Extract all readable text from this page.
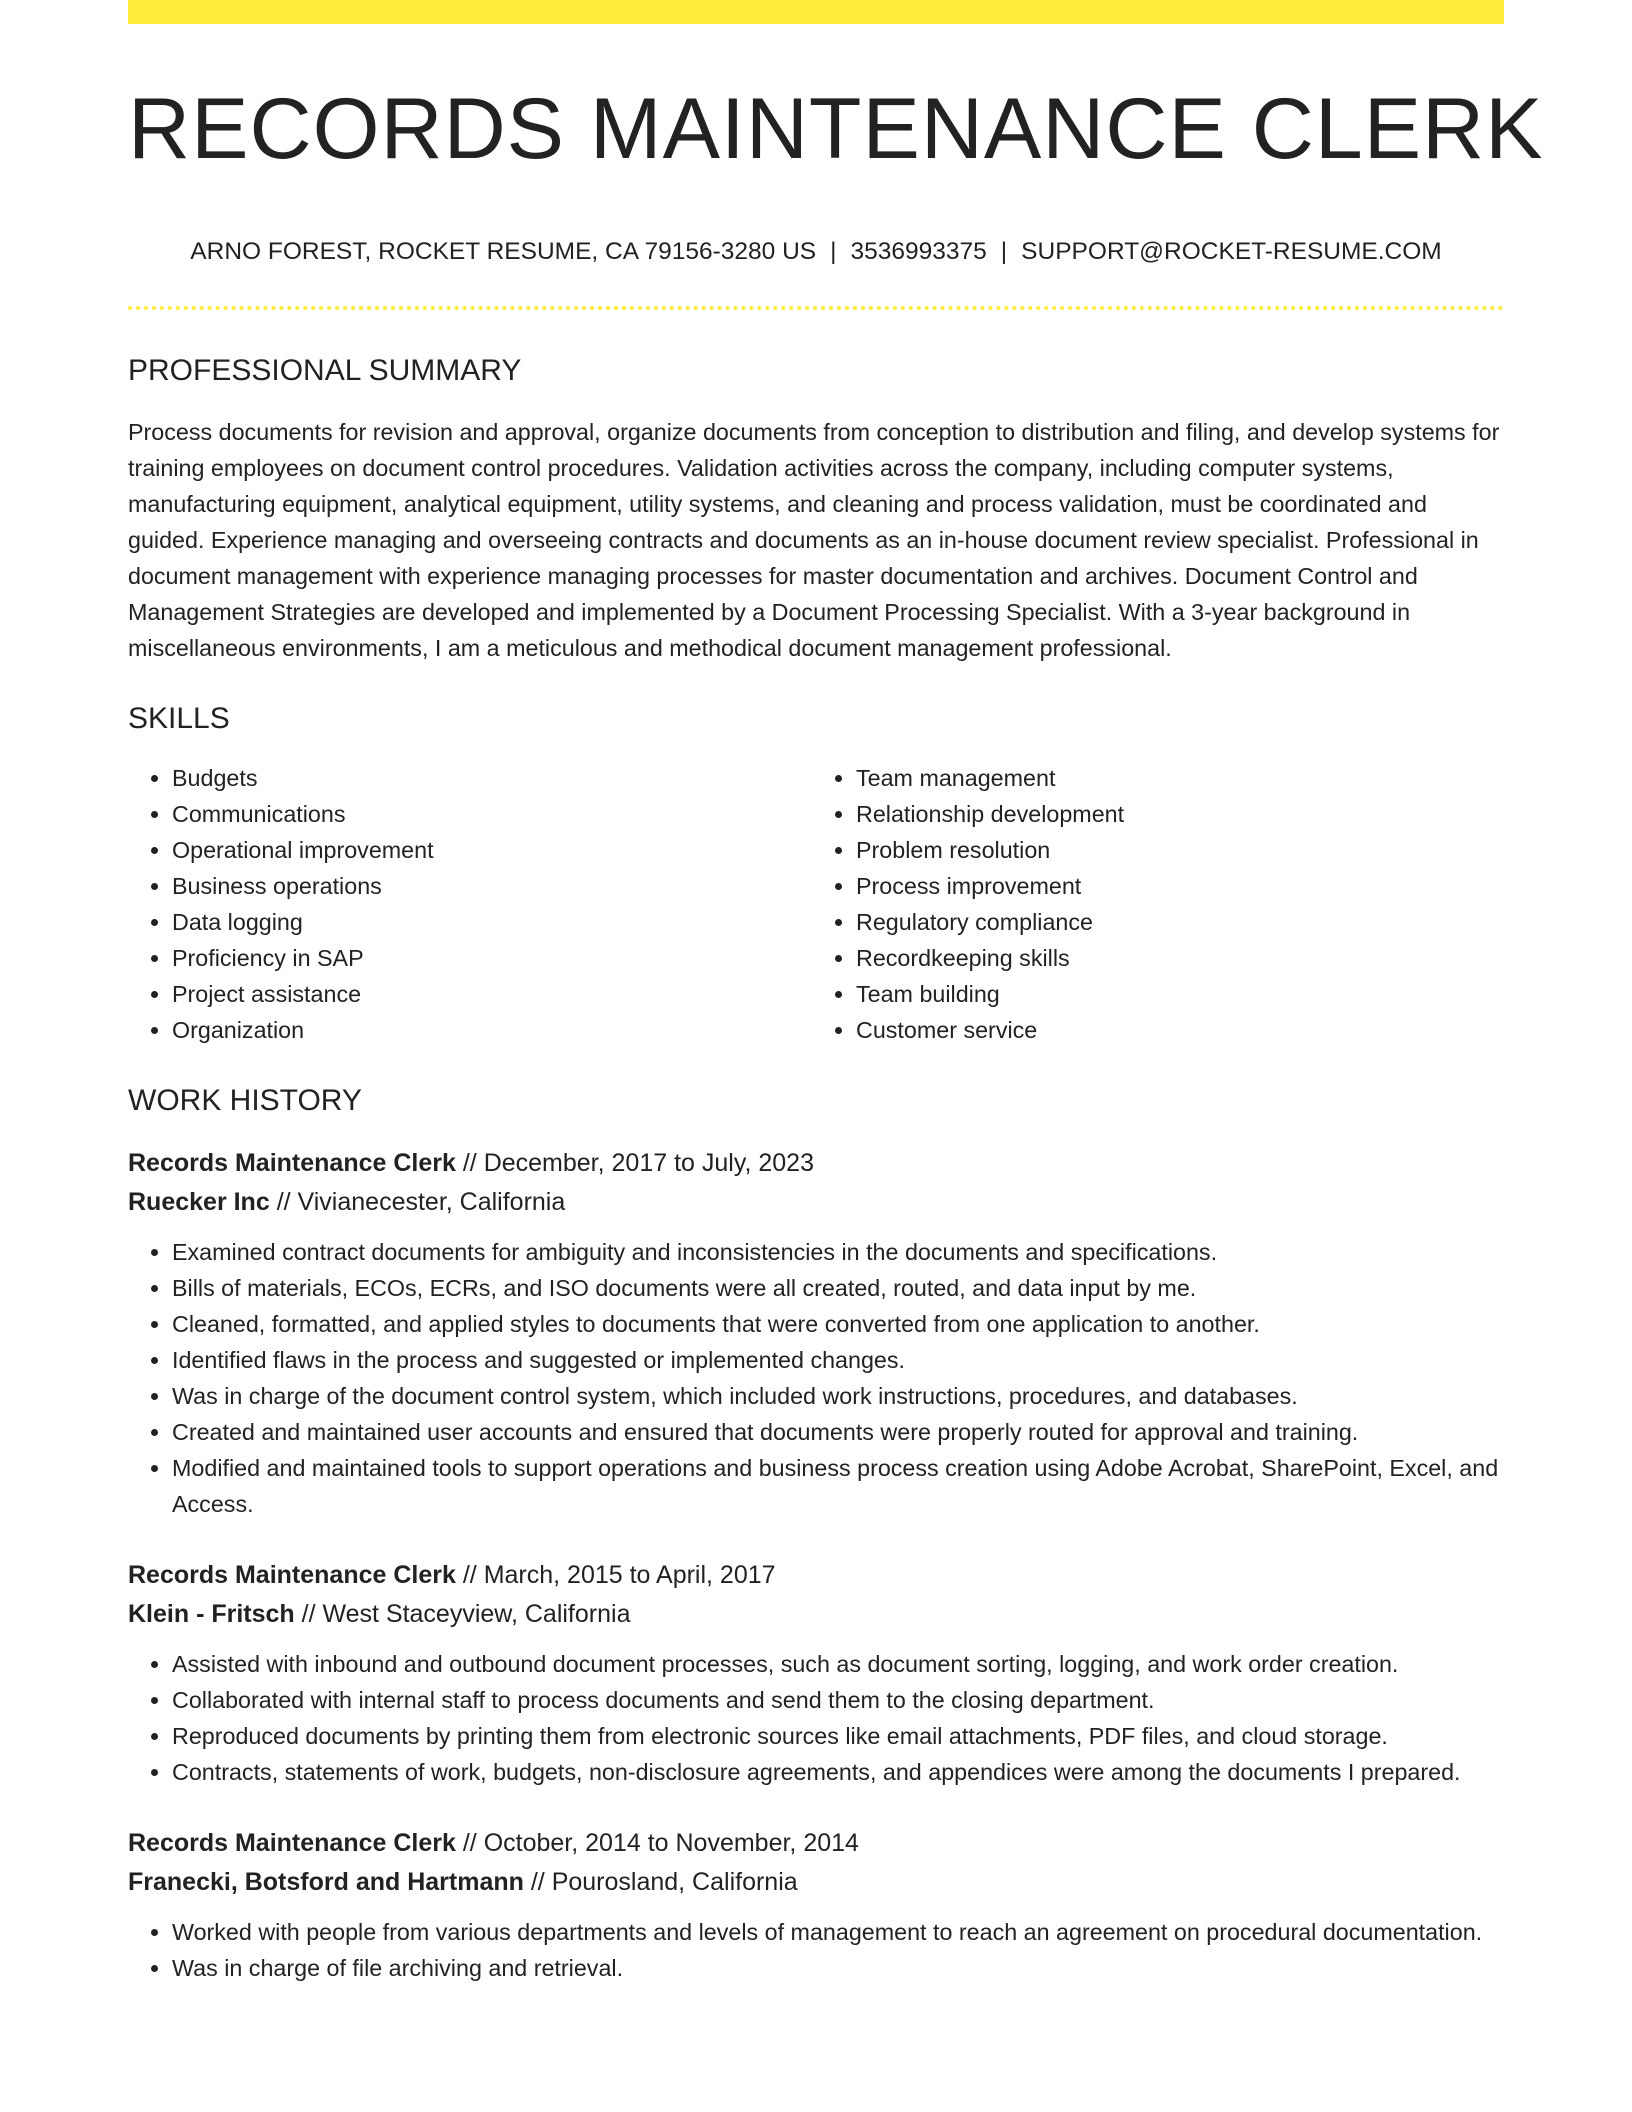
RECORDS MAINTENANCE CLERK
ARNO FOREST, ROCKET RESUME, CA 79156-3280 US | 3536993375 | SUPPORT@ROCKET-RESUME.COM
PROFESSIONAL SUMMARY

Process documents for revision and approval, organize documents from conception to distribution and filing, and develop systems for training employees on document control procedures. Validation activities across the company, including computer systems, manufacturing equipment, analytical equipment, utility systems, and cleaning and process validation, must be coordinated and guided. Experience managing and overseeing contracts and documents as an in-house document review specialist. Professional in document management with experience managing processes for master documentation and archives. Document Control and Management Strategies are developed and implemented by a Document Processing Specialist. With a 3-year background in miscellaneous environments, I am a meticulous and methodical document management professional.

SKILLS
• Budgets
• Communications
• Operational improvement
• Business operations
• Data logging
• Proficiency in SAP
• Project assistance
• Organization
• Team management
• Relationship development
• Problem resolution
• Process improvement
• Regulatory compliance
• Recordkeeping skills
• Team building
• Customer service
WORK HISTORY
Records Maintenance Clerk // December, 2017 to July, 2023
Ruecker Inc // Vivianecester, California
• Examined contract documents for ambiguity and inconsistencies in the documents and specifications.
• Bills of materials, ECOs, ECRs, and ISO documents were all created, routed, and data input by me.
• Cleaned, formatted, and applied styles to documents that were converted from one application to another.
• Identified flaws in the process and suggested or implemented changes.
• Was in charge of the document control system, which included work instructions, procedures, and databases.
• Created and maintained user accounts and ensured that documents were properly routed for approval and training.
• Modified and maintained tools to support operations and business process creation using Adobe Acrobat, SharePoint, Excel, and Access.
Records Maintenance Clerk // March, 2015 to April, 2017
Klein - Fritsch // West Staceyview, California
• Assisted with inbound and outbound document processes, such as document sorting, logging, and work order creation.
• Collaborated with internal staff to process documents and send them to the closing department.
• Reproduced documents by printing them from electronic sources like email attachments, PDF files, and cloud storage.
• Contracts, statements of work, budgets, non-disclosure agreements, and appendices were among the documents I prepared.
Records Maintenance Clerk // October, 2014 to November, 2014
Franecki, Botsford and Hartmann // Pourosland, California
• Worked with people from various departments and levels of management to reach an agreement on procedural documentation.
• Was in charge of file archiving and retrieval.
